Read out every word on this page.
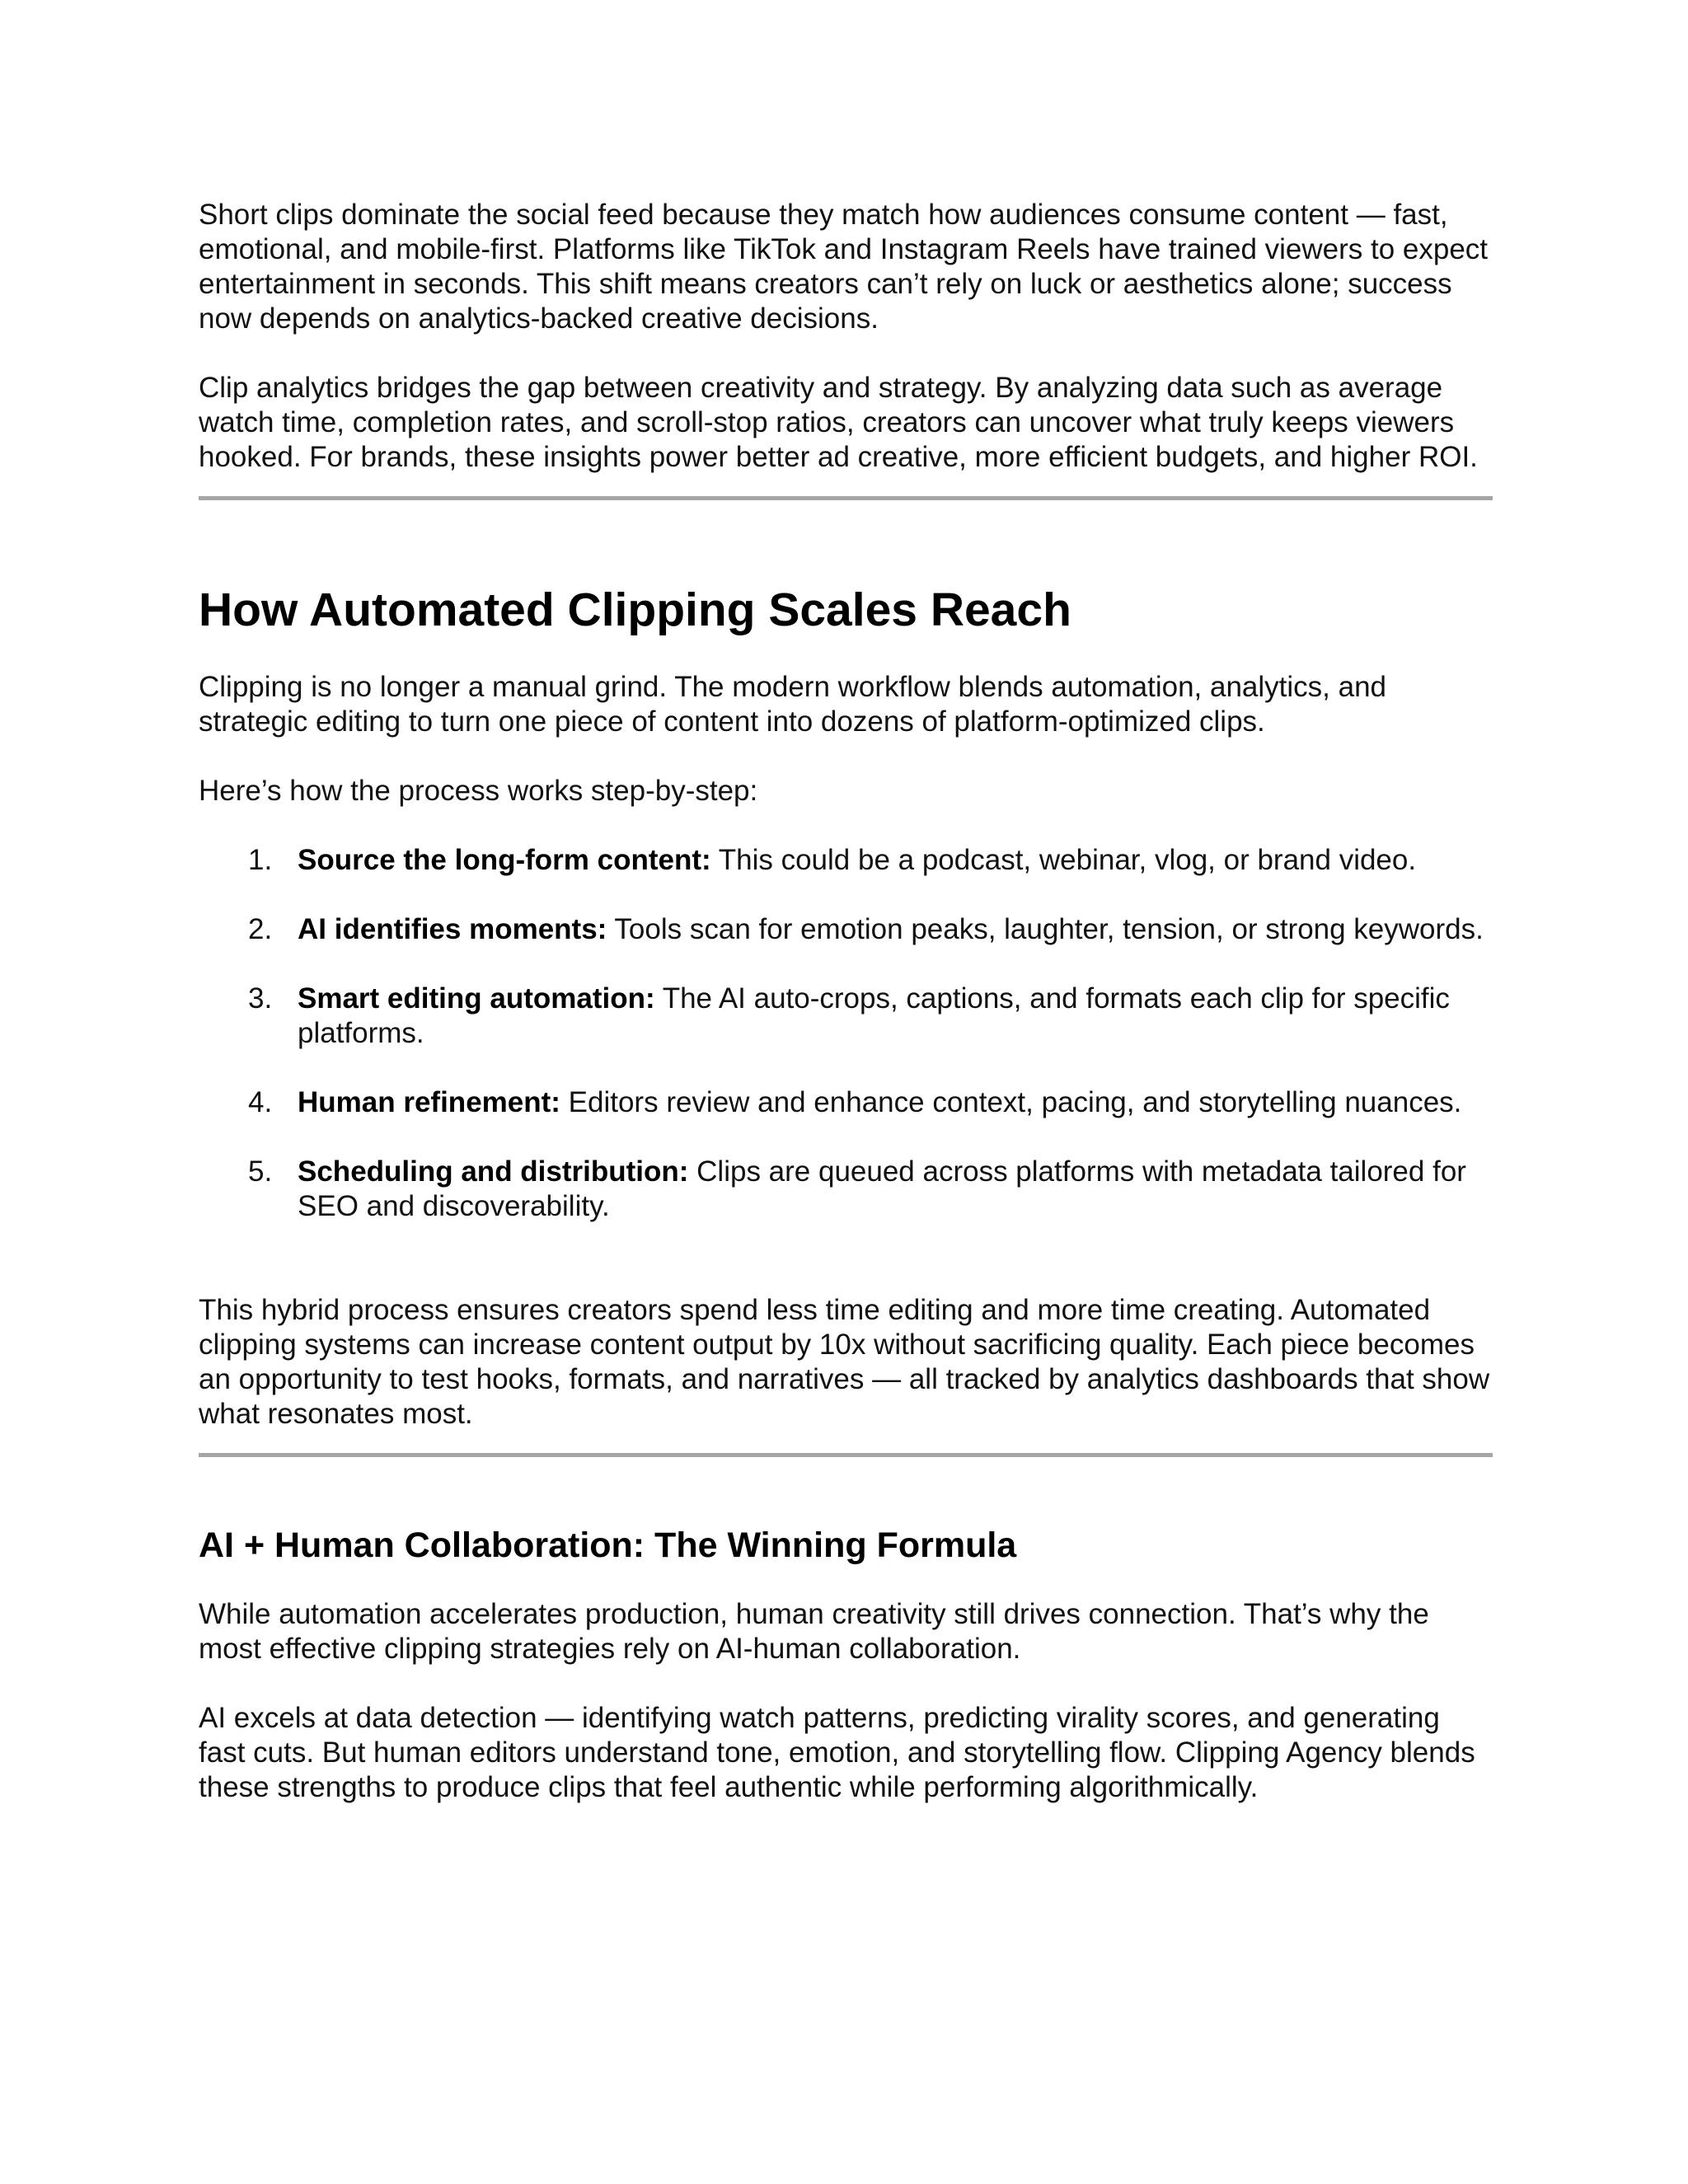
Short clips dominate the social feed because they match how audiences consume content — fast, emotional, and mobile-first. Platforms like TikTok and Instagram Reels have trained viewers to expect entertainment in seconds. This shift means creators can’t rely on luck or aesthetics alone; success now depends on analytics-backed creative decisions.

Clip analytics bridges the gap between creativity and strategy. By analyzing data such as average watch time, completion rates, and scroll-stop ratios, creators can uncover what truly keeps viewers hooked. For brands, these insights power better ad creative, more efficient budgets, and higher ROI.

How Automated Clipping Scales Reach

Clipping is no longer a manual grind. The modern workflow blends automation, analytics, and strategic editing to turn one piece of content into dozens of platform-optimized clips.

Here’s how the process works step-by-step:

1. Source the long-form content: This could be a podcast, webinar, vlog, or brand video.
2. AI identifies moments: Tools scan for emotion peaks, laughter, tension, or strong keywords.
3. Smart editing automation: The AI auto-crops, captions, and formats each clip for specific platforms.
4. Human refinement: Editors review and enhance context, pacing, and storytelling nuances.
5. Scheduling and distribution: Clips are queued across platforms with metadata tailored for SEO and discoverability.

This hybrid process ensures creators spend less time editing and more time creating. Automated clipping systems can increase content output by 10x without sacrificing quality. Each piece becomes an opportunity to test hooks, formats, and narratives — all tracked by analytics dashboards that show what resonates most.

AI + Human Collaboration: The Winning Formula

While automation accelerates production, human creativity still drives connection. That’s why the most effective clipping strategies rely on AI-human collaboration.

AI excels at data detection — identifying watch patterns, predicting virality scores, and generating fast cuts. But human editors understand tone, emotion, and storytelling flow. Clipping Agency blends these strengths to produce clips that feel authentic while performing algorithmically.
